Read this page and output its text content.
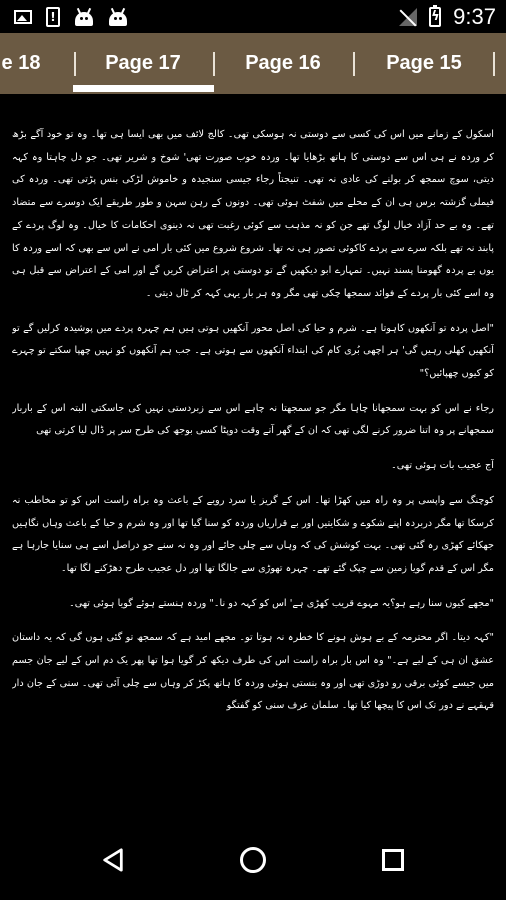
!	ϟ 9:37
e 18	Page 17	Page 16	Page 15

اسکول کے زمانے میں اس کی کسی سے دوستی نہ ہوسکی تھی۔ کالج لائف میں بھی ایسا ہی تھا۔ وہ تو خود آگے بڑھ کر وردہ نے ہی اس سے دوستی کا ہاتھ بڑھایا تھا۔ وردہ خوب صورت تھی' شوخ و شریر تھی۔ جو دل چاہتا وہ کہہ دیتی، سوچ سمجھ کر بولنے کی عادی نہ تھی۔ تنیجتاً رجاء جیسی سنجیدہ و خاموش لڑکی بنس پڑتی تھی۔ وردہ کی فیملی گزشتہ برس ہی ان کے محلے میں شفٹ ہوئی تھی۔ دونوں کے رہن سہن و طور طریقے ایک دوسرے سے متضاد تھے۔ وہ بے حد آزاد خیال لوگ تھے جن کو نہ مذہب سے کوئی رغبت تھی نہ دینوی احکامات کا خیال۔ وہ لوگ پردے کے پابند نہ تھے بلکہ سرے سے پردے کاکوئی تصور ہی نہ تھا۔ شروع شروع میں کئی بار امی نے اس سے بھی کہ اسے وردہ کا یوں بے پردہ گھومنا پسند نہیں۔ تمہارے ابو دیکھیں گے تو دوستی پر اعتراض کریں گے اور امی کے اعتراض سے قبل ہی وہ اسے کئی بار پردے کے فوائد سمجھا چکی تھی مگر وہ ہر بار یہی کہہ کر ٹال دیتی ۔

"اصل پردہ تو آنکھوں کاہوتا ہے۔ شرم و حیا کی اصل محور آنکھیں ہوتی ہیں ہم چہرہ پردے میں پوشیدہ کرلیں گے تو آنکھیں کھلی رہیں گی' ہر اچھی بُری کام کی ابتداء آنکھوں سے ہوتی ہے۔ جب ہم آنکھوں کو نہیں چھپا سکتے تو چہرے کو کیوں چھپائیں؟"

رجاء نے اس کو بہت سمجھانا چاہا مگر جو سمجھتا نہ چاہے اس سے زبردستی نہیں کی جاسکتی البتہ اس کے باربار سمجھانے پر وہ اتنا ضرور کرنے لگی تھی کہ ان کے گھر آتے وقت دوپٹا کسی بوجھ کی طرح سر پر ڈال لیا کرتی تھی

آج عجیب بات ہوئی تھی۔

کوچنگ سے واپسی پر وہ راہ میں کھڑا تھا۔ اس کے گریز یا سرد رویے کے باعث وہ براہ راست اس کو تو مخاطب نہ کرسکا تھا مگر دربردہ اپنے شکوے و شکایتیں اور بے قراریاں وردہ کو سنا گیا تھا اور وہ شرم و حیا کے باعث وہاں نگاہیں جھکائے کھڑی رہ گئی تھی۔ بہت کوشش کی کہ وہاں سے چلی جائے اور وہ نہ سنے جو دراصل اسے ہی سنایا جارہا ہے مگر اس کے قدم گویا زمین سے چپک گئے تھے۔ چہرہ تھوڑی سے جالگا تھا اور دل عجیب طرح دھڑکنے لگا تھا۔

"مجھے کیوں سنا رہے ہو؟یہ مہوے قریب کھڑی ہے' اس کو کہہ دو نا۔" وردہ ہنستے ہوئے گویا ہوئی تھی۔

"کہہ دیتا۔ اگر محترمہ کے بے ہوش ہونے کا خطرہ نہ ہوتا تو۔ مجھے امید ہے کہ سمجھ تو گئی ہوں گی کہ یہ داستان عشق ان ہی کے لیے ہے۔" وہ اس بار براہ راست اس کی طرف دیکھ کر گویا ہوا تھا پھر یک دم اس کے لیے جان جسم میں جیسے کوئی برقی رو دوڑی تھی اور وہ بنستی ہوئی وردہ کا ہاتھ پکڑ کر وہاں سے چلی آئی تھی۔ سنی کے جان دار قہقہے نے دور تک اس کا پیچھا کیا تھا۔ سلمان عرف سنی کو گفتگو
